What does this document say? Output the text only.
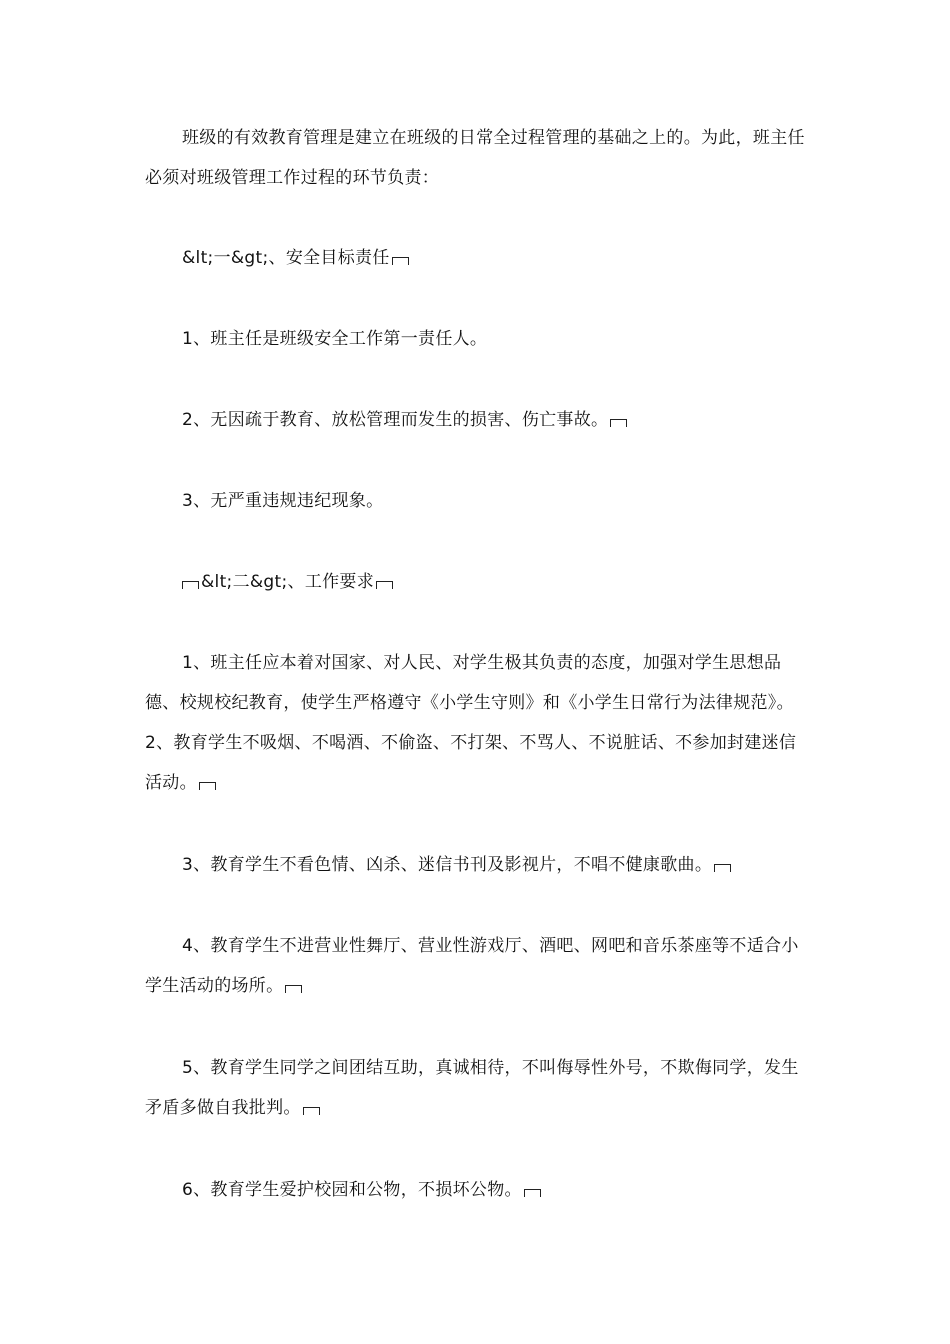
班级的有效教育管理是建立在班级的日常全过程管理的基础之上的。为此，班主任必须对班级管理工作过程的环节负责：

&lt;一&gt;、安全目标责任

1、班主任是班级安全工作第一责任人。

2、无因疏于教育、放松管理而发生的损害、伤亡事故。

3、无严重违规违纪现象。

&lt;二&gt;、工作要求

1、班主任应本着对国家、对人民、对学生极其负责的态度，加强对学生思想品德、校规校纪教育，使学生严格遵守《小学生守则》和《小学生日常行为法律规范》。2、教育学生不吸烟、不喝酒、不偷盗、不打架、不骂人、不说脏话、不参加封建迷信活动。

3、教育学生不看色情、凶杀、迷信书刊及影视片，不唱不健康歌曲。

4、教育学生不进营业性舞厅、营业性游戏厅、酒吧、网吧和音乐茶座等不适合小学生活动的场所。

5、教育学生同学之间团结互助，真诚相待，不叫侮辱性外号，不欺侮同学，发生矛盾多做自我批判。

6、教育学生爱护校园和公物，不损坏公物。
